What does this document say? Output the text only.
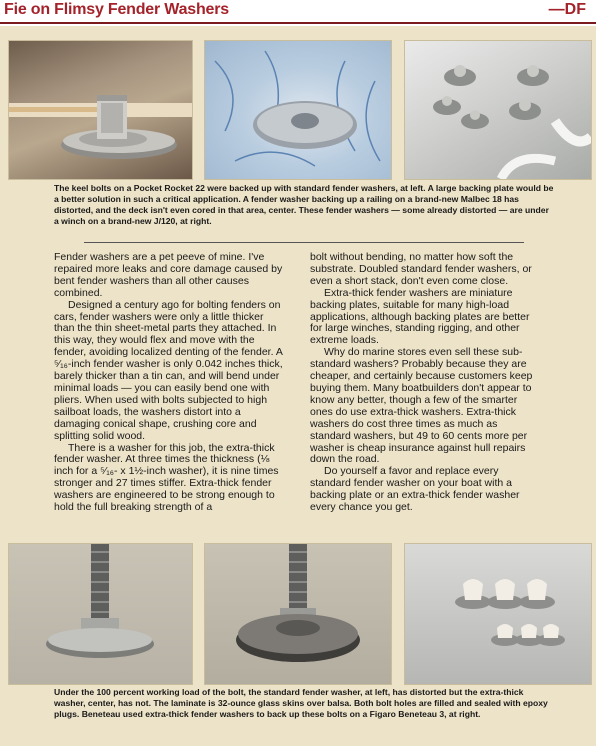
Fie on Flimsy Fender Washers	—DF
The keel bolts on a Pocket Rocket 22 were backed up with standard fender washers, at left. A large backing plate would be a better solution in such a critical application. A fender washer backing up a railing on a brand-new Malbec 18 has distorted, and the deck isn't even cored in that area, center. These fender washers — some already distorted — are under a winch on a brand-new J/120, at right.

Fender washers are a pet peeve of mine. I've repaired more leaks and core damage caused by bent fender washers than all other causes combined.

Designed a century ago for bolting fenders on cars, fender washers were only a little thicker than the thin sheet-metal parts they attached. In this way, they would flex and move with the fender, avoiding localized denting of the fender. A ⁵⁄₁₆-inch fender washer is only 0.042 inches thick, barely thicker than a tin can, and will bend under minimal loads — you can easily bend one with pliers. When used with bolts subjected to high sailboat loads, the washers distort into a damaging conical shape, crushing core and splitting solid wood.

There is a washer for this job, the extra-thick fender washer. At three times the thickness (⅛ inch for a ⁵⁄₁₆- x 1½-inch washer), it is nine times stronger and 27 times stiffer. Extra-thick fender washers are engineered to be strong enough to hold the full breaking strength of a

bolt without bending, no matter how soft the substrate. Doubled standard fender washers, or even a short stack, don't even come close.

Extra-thick fender washers are miniature backing plates, suitable for many high-load applications, although backing plates are better for large winches, standing rigging, and other extreme loads.

Why do marine stores even sell these sub-standard washers? Probably because they are cheaper, and certainly because customers keep buying them. Many boatbuilders don't appear to know any better, though a few of the smarter ones do use extra-thick washers. Extra-thick washers do cost three times as much as standard washers, but 49 to 60 cents more per washer is cheap insurance against hull repairs down the road.

Do yourself a favor and replace every standard fender washer on your boat with a backing plate or an extra-thick fender washer every chance you get.

Under the 100 percent working load of the bolt, the standard fender washer, at left, has distorted but the extra-thick washer, center, has not. The laminate is 32-ounce glass skins over balsa. Both bolt holes are filled and sealed with epoxy plugs. Beneteau used extra-thick fender washers to back up these bolts on a Figaro Beneteau 3, at right.
